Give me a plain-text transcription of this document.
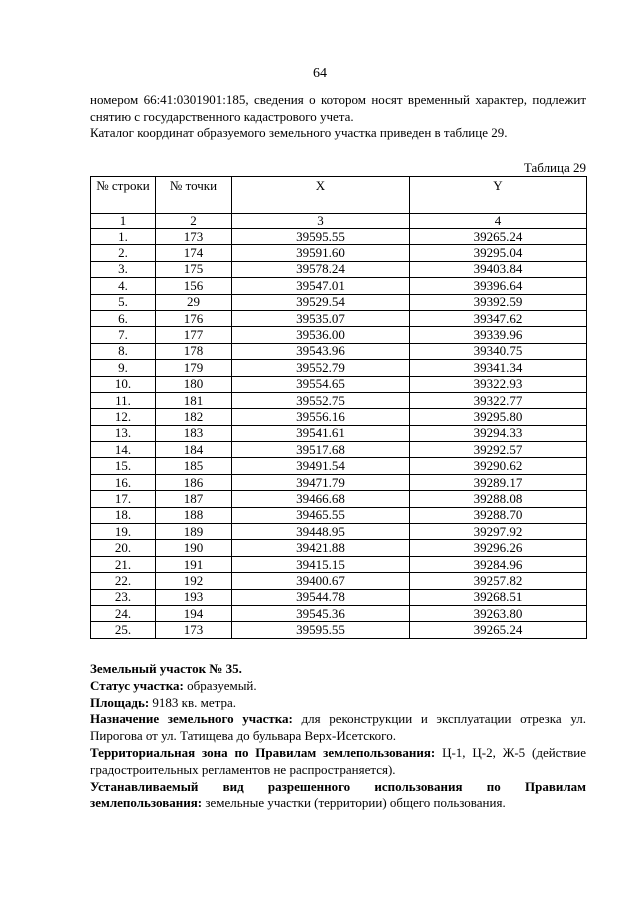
64

номером 66:41:0301901:185, сведения о котором носят временный характер, подлежит снятию с государственного кадастрового учета.

Каталог координат образуемого земельного участка приведен в таблице 29.

Таблица 29
№ строки	№ точки	X	Y
1	2	3	4
1.	173	39595.55	39265.24
2.	174	39591.60	39295.04
3.	175	39578.24	39403.84
4.	156	39547.01	39396.64
5.	29	39529.54	39392.59
6.	176	39535.07	39347.62
7.	177	39536.00	39339.96
8.	178	39543.96	39340.75
9.	179	39552.79	39341.34
10.	180	39554.65	39322.93
11.	181	39552.75	39322.77
12.	182	39556.16	39295.80
13.	183	39541.61	39294.33
14.	184	39517.68	39292.57
15.	185	39491.54	39290.62
16.	186	39471.79	39289.17
17.	187	39466.68	39288.08
18.	188	39465.55	39288.70
19.	189	39448.95	39297.92
20.	190	39421.88	39296.26
21.	191	39415.15	39284.96
22.	192	39400.67	39257.82
23.	193	39544.78	39268.51
24.	194	39545.36	39263.80
25.	173	39595.55	39265.24

Земельный участок № 35.

Статус участка: образуемый.

Площадь: 9183 кв. метра.

Назначение земельного участка: для реконструкции и эксплуатации отрезка ул. Пирогова от ул. Татищева до бульвара Верх-Исетского.

Территориальная зона по Правилам землепользования: Ц-1, Ц-2, Ж-5 (действие градостроительных регламентов не распространяется).

Устанавливаемый вид разрешенного использования по Правилам

землепользования: земельные участки (территории) общего пользования.
